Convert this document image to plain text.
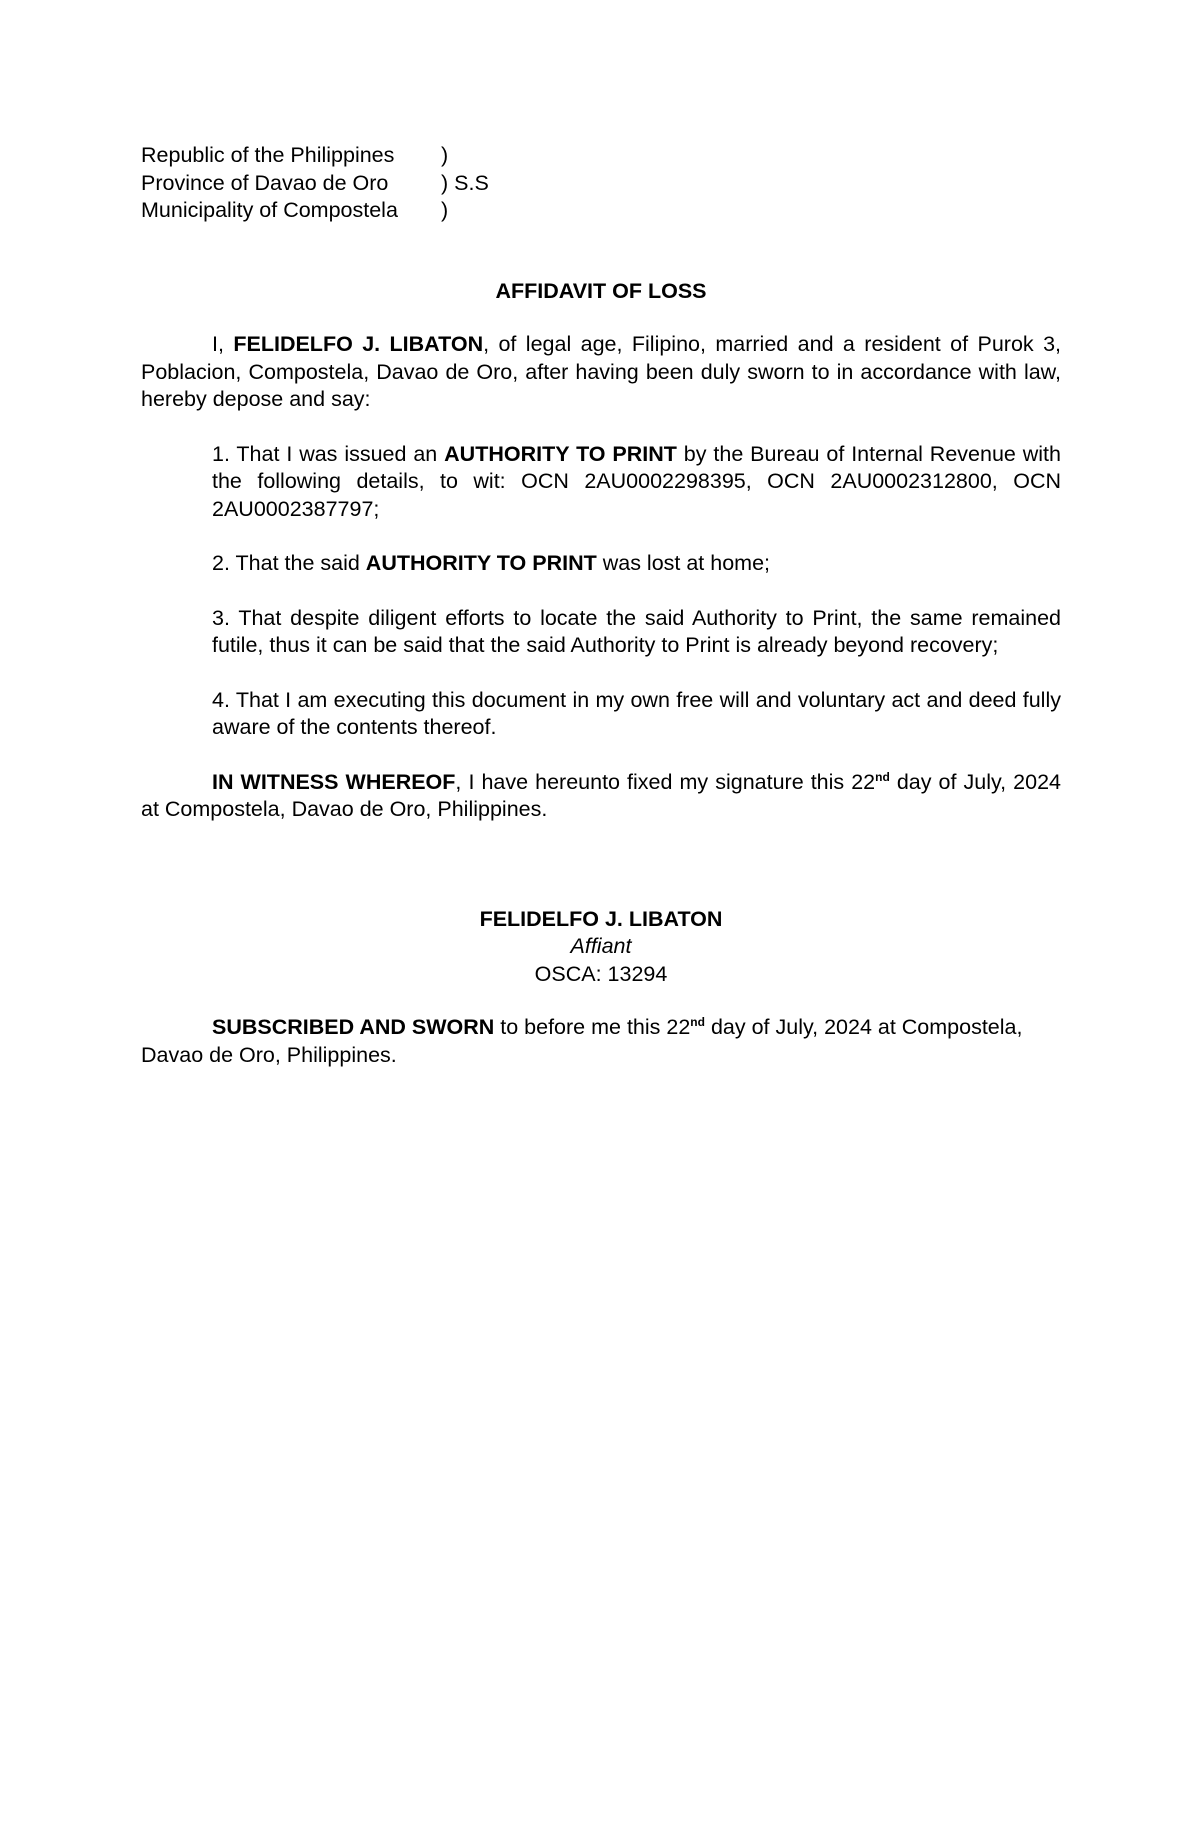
Republic of the Philippines	)
Province of Davao de Oro	) S.S
Municipality of Compostela	)
AFFIDAVIT OF LOSS

I, FELIDELFO J. LIBATON, of legal age, Filipino, married and a resident of Purok 3, Poblacion, Compostela, Davao de Oro, after having been duly sworn to in accordance with law, hereby depose and say:

1. That I was issued an AUTHORITY TO PRINT by the Bureau of Internal Revenue with the following details, to wit: OCN 2AU0002298395, OCN 2AU0002312800, OCN 2AU0002387797;

2. That the said AUTHORITY TO PRINT was lost at home;

3. That despite diligent efforts to locate the said Authority to Print, the same remained futile, thus it can be said that the said Authority to Print is already beyond recovery;

4. That I am executing this document in my own free will and voluntary act and deed fully aware of the contents thereof.

IN WITNESS WHEREOF, I have hereunto fixed my signature this 22nd day of July, 2024 at Compostela, Davao de Oro, Philippines.

FELIDELFO J. LIBATON
Affiant
OSCA: 13294

SUBSCRIBED AND SWORN to before me this 22nd day of July, 2024 at Compostela, Davao de Oro, Philippines.
